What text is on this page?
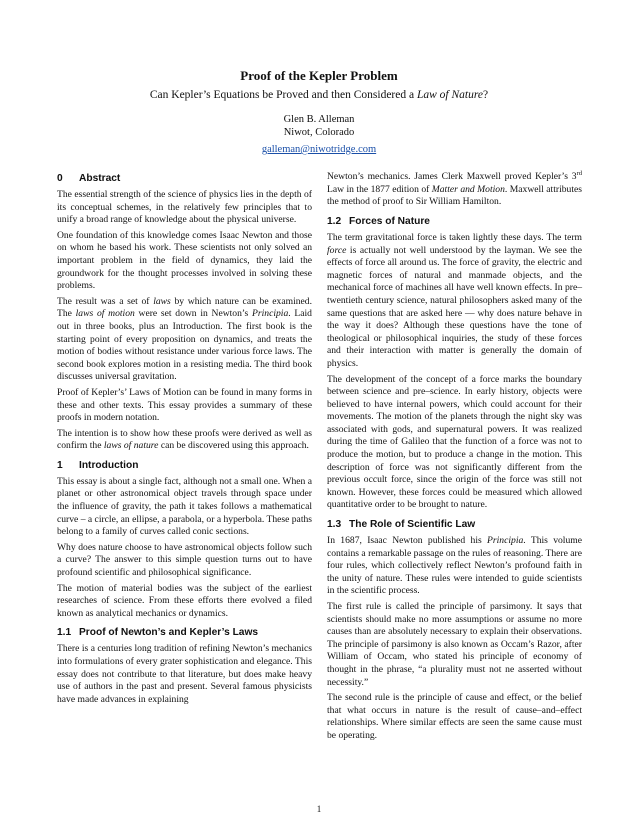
Proof of the Kepler Problem
Can Kepler’s Equations be Proved and then Considered a Law of Nature?
Glen B. Alleman
Niwot, Colorado
galleman@niwotridge.com
0 Abstract

The essential strength of the science of physics lies in the depth of its conceptual schemes, in the relatively few principles that to unify a broad range of knowledge about the physical universe.

One foundation of this knowledge comes Isaac Newton and those on whom he based his work. These scientists not only solved an important problem in the field of dynamics, they laid the groundwork for the thought processes involved in solving these problems.

The result was a set of laws by which nature can be examined. The laws of motion were set down in Newton’s Principia. Laid out in three books, plus an Introduction. The first book is the starting point of every proposition on dynamics, and treats the motion of bodies without resistance under various force laws. The second book explores motion in a resisting media. The third book discusses universal gravitation.

Proof of Kepler’s’ Laws of Motion can be found in many forms in these and other texts. This essay provides a summary of these proofs in modern notation.

The intention is to show how these proofs were derived as well as confirm the laws of nature can be discovered using this approach.

1 Introduction

This essay is about a single fact, although not a small one. When a planet or other astronomical object travels through space under the influence of gravity, the path it takes follows a mathematical curve – a circle, an ellipse, a parabola, or a hyperbola. These paths belong to a family of curves called conic sections.

Why does nature choose to have astronomical objects follow such a curve? The answer to this simple question turns out to have profound scientific and philosophical significance.

The motion of material bodies was the subject of the earliest researches of science. From these efforts there evolved a filed known as analytical mechanics or dynamics.

1.1 Proof of Newton’s and Kepler’s Laws

There is a centuries long tradition of refining Newton’s mechanics into formulations of every grater sophistication and elegance. This essay does not contribute to that literature, but does make heavy use of authors in the past and present. Several famous physicists have made advances in explaining

Newton’s mechanics. James Clerk Maxwell proved Kepler’s 3rd Law in the 1877 edition of Matter and Motion. Maxwell attributes the method of proof to Sir William Hamilton.

1.2 Forces of Nature

The term gravitational force is taken lightly these days. The term force is actually not well understood by the layman. We see the effects of force all around us. The force of gravity, the electric and magnetic forces of natural and manmade objects, and the mechanical force of machines all have well known effects. In pre–twentieth century science, natural philosophers asked many of the same questions that are asked here — why does nature behave in the way it does? Although these questions have the tone of theological or philosophical inquiries, the study of these forces and their interaction with matter is generally the domain of physics.

The development of the concept of a force marks the boundary between science and pre–science. In early history, objects were believed to have internal powers, which could account for their movements. The motion of the planets through the night sky was associated with gods, and supernatural powers. It was realized during the time of Galileo that the function of a force was not to produce the motion, but to produce a change in the motion. This description of force was not significantly different from the previous occult force, since the origin of the force was still not known. However, these forces could be measured which allowed quantitative order to be brought to nature.

1.3 The Role of Scientific Law

In 1687, Isaac Newton published his Principia. This volume contains a remarkable passage on the rules of reasoning. There are four rules, which collectively reflect Newton’s profound faith in the unity of nature. These rules were intended to guide scientists in the scientific process.

The first rule is called the principle of parsimony. It says that scientists should make no more assumptions or assume no more causes than are absolutely necessary to explain their observations. The principle of parsimony is also known as Occam’s Razor, after William of Occam, who stated his principle of economy of thought in the phrase, “a plurality must not ne asserted without necessity.”

The second rule is the principle of cause and effect, or the belief that what occurs in nature is the result of cause–and–effect relationships. Where similar effects are seen the same cause must be operating.

1
